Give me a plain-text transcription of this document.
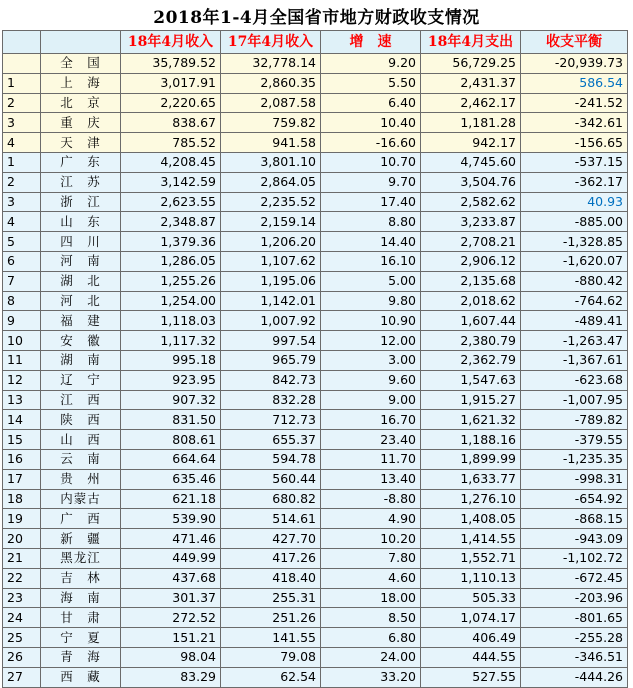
2018年1-4月全国省市地方财政收支情况
		18年4月收入	17年4月收入	增　速	18年4月支出	收支平衡
	全　国	35,789.52	32,778.14	9.20	56,729.25	-20,939.73
1	上　海	3,017.91	2,860.35	5.50	2,431.37	586.54
2	北　京	2,220.65	2,087.58	6.40	2,462.17	-241.52
3	重　庆	838.67	759.82	10.40	1,181.28	-342.61
4	天　津	785.52	941.58	-16.60	942.17	-156.65
1	广　东	4,208.45	3,801.10	10.70	4,745.60	-537.15
2	江　苏	3,142.59	2,864.05	9.70	3,504.76	-362.17
3	浙　江	2,623.55	2,235.52	17.40	2,582.62	40.93
4	山　东	2,348.87	2,159.14	8.80	3,233.87	-885.00
5	四　川	1,379.36	1,206.20	14.40	2,708.21	-1,328.85
6	河　南	1,286.05	1,107.62	16.10	2,906.12	-1,620.07
7	湖　北	1,255.26	1,195.06	5.00	2,135.68	-880.42
8	河　北	1,254.00	1,142.01	9.80	2,018.62	-764.62
9	福　建	1,118.03	1,007.92	10.90	1,607.44	-489.41
10	安　徽	1,117.32	997.54	12.00	2,380.79	-1,263.47
11	湖　南	995.18	965.79	3.00	2,362.79	-1,367.61
12	辽　宁	923.95	842.73	9.60	1,547.63	-623.68
13	江　西	907.32	832.28	9.00	1,915.27	-1,007.95
14	陕　西	831.50	712.73	16.70	1,621.32	-789.82
15	山　西	808.61	655.37	23.40	1,188.16	-379.55
16	云　南	664.64	594.78	11.70	1,899.99	-1,235.35
17	贵　州	635.46	560.44	13.40	1,633.77	-998.31
18	内蒙古	621.18	680.82	-8.80	1,276.10	-654.92
19	广　西	539.90	514.61	4.90	1,408.05	-868.15
20	新　疆	471.46	427.70	10.20	1,414.55	-943.09
21	黑龙江	449.99	417.26	7.80	1,552.71	-1,102.72
22	吉　林	437.68	418.40	4.60	1,110.13	-672.45
23	海　南	301.37	255.31	18.00	505.33	-203.96
24	甘　肃	272.52	251.26	8.50	1,074.17	-801.65
25	宁　夏	151.21	141.55	6.80	406.49	-255.28
26	青　海	98.04	79.08	24.00	444.55	-346.51
27	西　藏	83.29	62.54	33.20	527.55	-444.26
